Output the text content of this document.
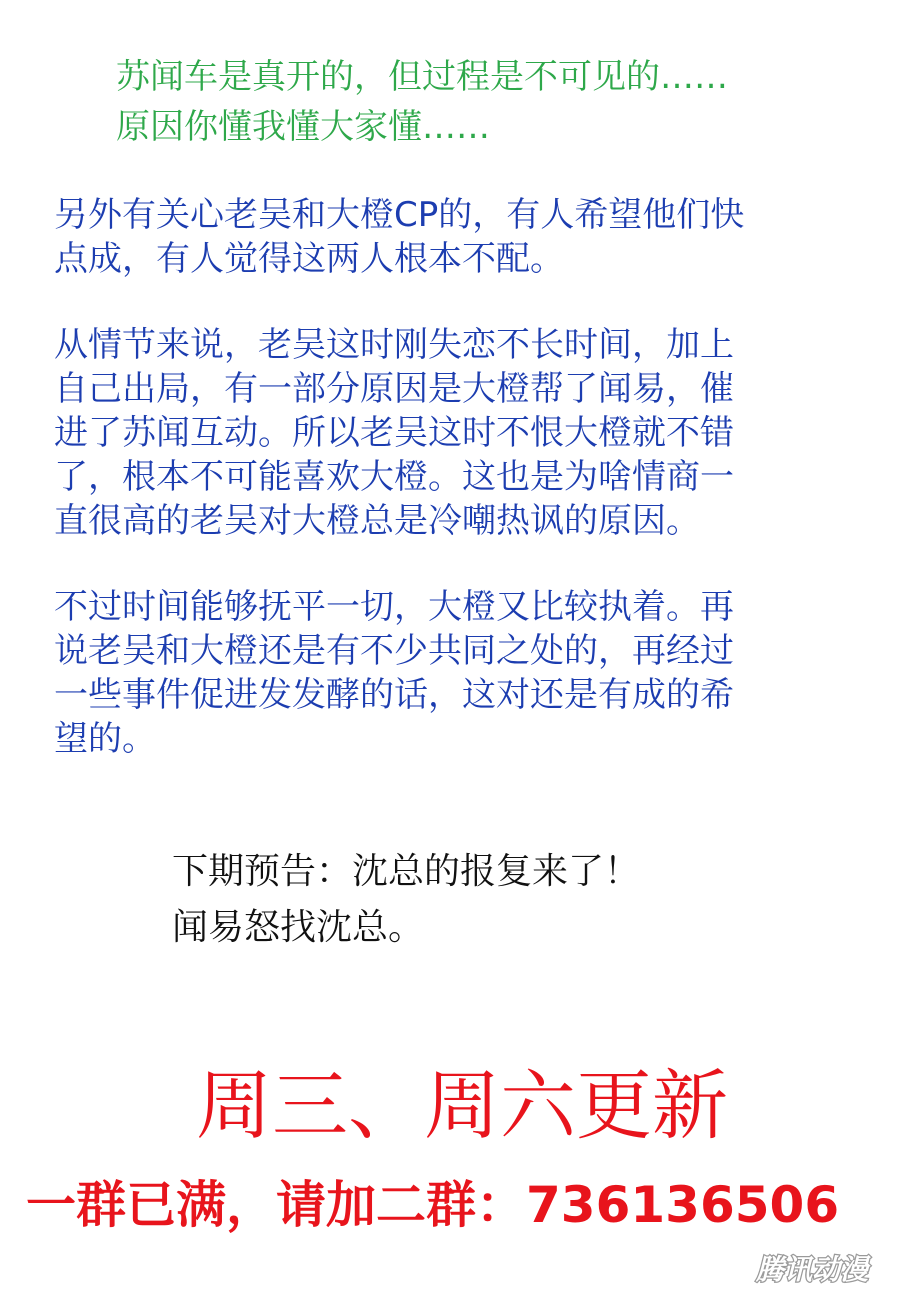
苏闻车是真开的，但过程是不可见的……
原因你懂我懂大家懂……
另外有关心老吴和大橙CP的，有人希望他们快
点成，有人觉得这两人根本不配。
从情节来说，老吴这时刚失恋不长时间，加上
自己出局，有一部分原因是大橙帮了闻易，催
进了苏闻互动。所以老吴这时不恨大橙就不错
了，根本不可能喜欢大橙。这也是为啥情商一
直很高的老吴对大橙总是冷嘲热讽的原因。
不过时间能够抚平一切，大橙又比较执着。再
说老吴和大橙还是有不少共同之处的，再经过
一些事件促进发发酵的话，这对还是有成的希
望的。
下期预告：沈总的报复来了！
闻易怒找沈总。
周三、周六更新
一群已满，请加二群：736136506
腾讯动漫
